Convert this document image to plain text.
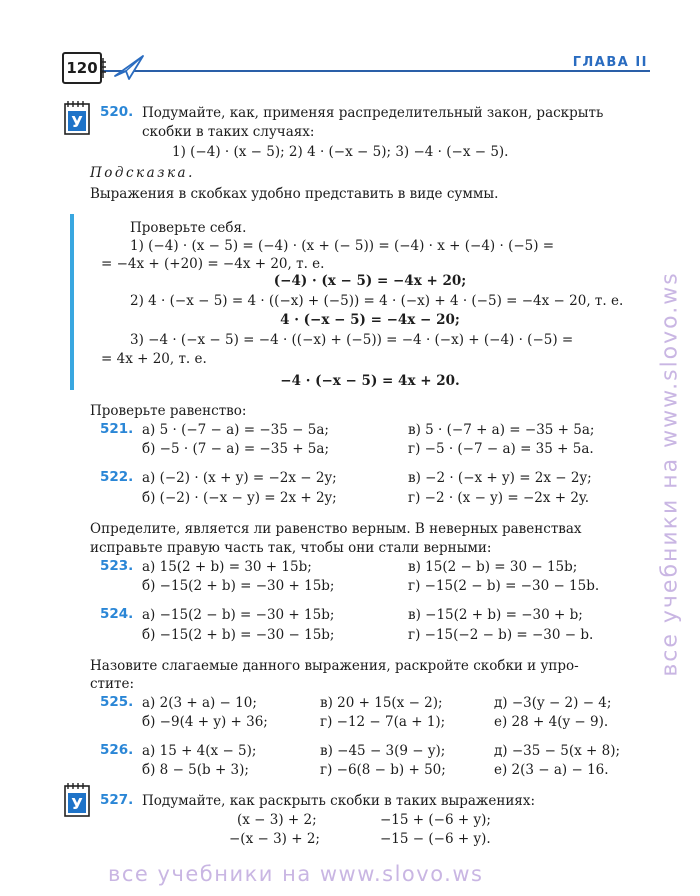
120	ГЛАВА II
У
520. Подумайте, как, применяя распределительный закон, раскрыть
скобки в таких случаях:
1) (−4) · (x − 5); 2) 4 · (−x − 5); 3) −4 · (−x − 5).
Подсказка.
Выражения в скобках удобно представить в виде суммы.
Проверьте себя.
1) (−4) · (x − 5) = (−4) · (x + (− 5)) = (−4) · x + (−4) · (−5) =
= −4x + (+20) = −4x + 20, т. е.
(−4) · (x − 5) = −4x + 20;
2) 4 · (−x − 5) = 4 · ((−x) + (−5)) = 4 · (−x) + 4 · (−5) = −4x − 20, т. е.
4 · (−x − 5) = −4x − 20;
3) −4 · (−x − 5) = −4 · ((−x) + (−5)) = −4 · (−x) + (−4) · (−5) =
= 4x + 20, т. е.
−4 · (−x − 5) = 4x + 20.
Проверьте равенство:
521. а) 5 · (−7 − a) = −35 − 5a;	в) 5 · (−7 + a) = −35 + 5a;
б) −5 · (7 − a) = −35 + 5a;	г) −5 · (−7 − a) = 35 + 5a.
522. а) (−2) · (x + y) = −2x − 2y;	в) −2 · (−x + y) = 2x − 2y;
б) (−2) · (−x − y) = 2x + 2y;	г) −2 · (x − y) = −2x + 2y.
Определите, является ли равенство верным. В неверных равенствах
исправьте правую часть так, чтобы они стали верными:
523. а) 15(2 + b) = 30 + 15b;	в) 15(2 − b) = 30 − 15b;
б) −15(2 + b) = −30 + 15b;	г) −15(2 − b) = −30 − 15b.
524. а) −15(2 − b) = −30 + 15b;	в) −15(2 + b) = −30 + b;
б) −15(2 + b) = −30 − 15b;	г) −15(−2 − b) = −30 − b.
Назовите слагаемые данного выражения, раскройте скобки и упро-
стите:
525. а) 2(3 + a) − 10;	в) 20 + 15(x − 2);	д) −3(y − 2) − 4;
б) −9(4 + y) + 36;	г) −12 − 7(a + 1);	е) 28 + 4(y − 9).
526. а) 15 + 4(x − 5);	в) −45 − 3(9 − y);	д) −35 − 5(x + 8);
б) 8 − 5(b + 3);	г) −6(8 − b) + 50;	е) 2(3 − a) − 16.
У 527. Подумайте, как раскрыть скобки в таких выражениях:
(x − 3) + 2;	−15 + (−6 + y);
−(x − 3) + 2;	−15 − (−6 + y).
все учебники на www.slovo.ws
все учебники на www.slovo.ws
